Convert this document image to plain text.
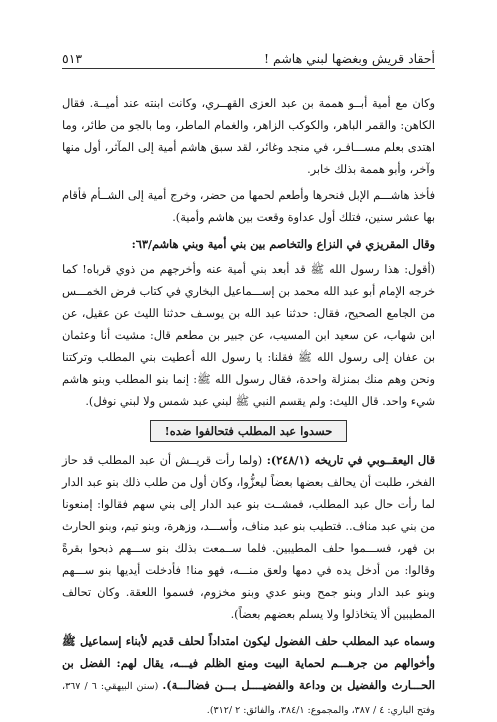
أحقاد قريش وبغضها لبني هاشم !
٥١٣

وكان مع أمية أبــو هممة بن عبد العزى القهــري، وكانت ابنته عند أميــة. فقال الكاهن: والقمر الباهر، والكوكب الزاهر، والغمام الماطر، وما بالجو من طائر، وما اهتدى بعلم مســـافـر، في منجد وغائر، لقد سبق هاشم أمية إلى المآثر، أول منها وآخر، وأبو هممة بذلك خابر.

فأخذ هاشـــم الإبل فنحرها وأطعم لحمها من حضر، وخرج أمية إلى الشــأم فأقام بها عشر سنين، فتلك أول عداوة وقعت بين هاشم وأمية).

وقال المقريزي في النزاع والتخاصم بين بني أمية وبني هاشم/٦٣:

(أقول: هذا رسول الله ﷺ قد أبعد بني أمية عنه وأخرجهم من ذوي قرباه! كما خرجه الإمام أبو عبد الله محمد بن إســـماعيل البخاري في كتاب فرض الخمـــس من الجامع الصحيح، فقال: حدثنا عبد الله بن يوسـف حدثنا الليث عن عقيل، عن ابن شهاب، عن سعيد ابن المسيب، عن جبير بن مطعم قال: مشيت أنا وعثمان بن عفان إلى رسول الله ﷺ فقلنا: يا رسول الله أعطيت بني المطلب وتركتنا ونحن وهم منك بمنزلة واحدة، فقال رسول الله ﷺ: إنما بنو المطلب وبنو هاشم شيء واحد. قال الليث: ولم يقسم النبي ﷺ لبني عبد شمس ولا لبني نوفل).

حسدوا عبد المطلب فتحالفوا ضده!

قال اليعقــوبي في تاريخه (٢٤٨/١): (ولما رأت قريــش أن عبد المطلب قد حاز الفخر، طلبت أن يحالف بعضها بعضاً ليعزُّوا، وكان أول من طلب ذلك بنو عبد الدار لما رأت حال عبد المطلب، فمشــت بنو عبد الدار إلى بني سهم فقالوا: إمنعونا من بني عبد مناف.. فتطيب بنو عبد مناف، وأســـد، وزهرة، وبنو تيم، وبنو الحارث بن فهر، فســـموا حلف المطيبين. فلما ســمعت بذلك بنو ســـهم ذبحوا بقرةً وقالوا: من أدخل يده في دمها ولعق منـــه، فهو منا! فأدخلت أيديها بنو ســـهم وبنو عبد الدار وبنو جمح وبنو عدي وبنو مخزوم، فسموا اللعقة. وكان تحالف المطيبين ألا يتخاذلوا ولا يسلم بعضهم بعضاً).

وسماه عبد المطلب حلف الفضول ليكون امتداداً لحلف قديم لأبناء إسماعيل ﷺ وأخوالهم من جرهـــم لحماية البيت ومنع الظلم فيـــه، يقال لهم: الفضل بن الحـــارث والفضيل بن وداعة والفضيــــل بـــن فضالـــة). (سنن البيهقي: ٦ / ٣٦٧، وفتح الباري: ٤ / ٣٨٧، والمجموع: ٣٨٤/١، والفائق: ٢ /٣١٢).
